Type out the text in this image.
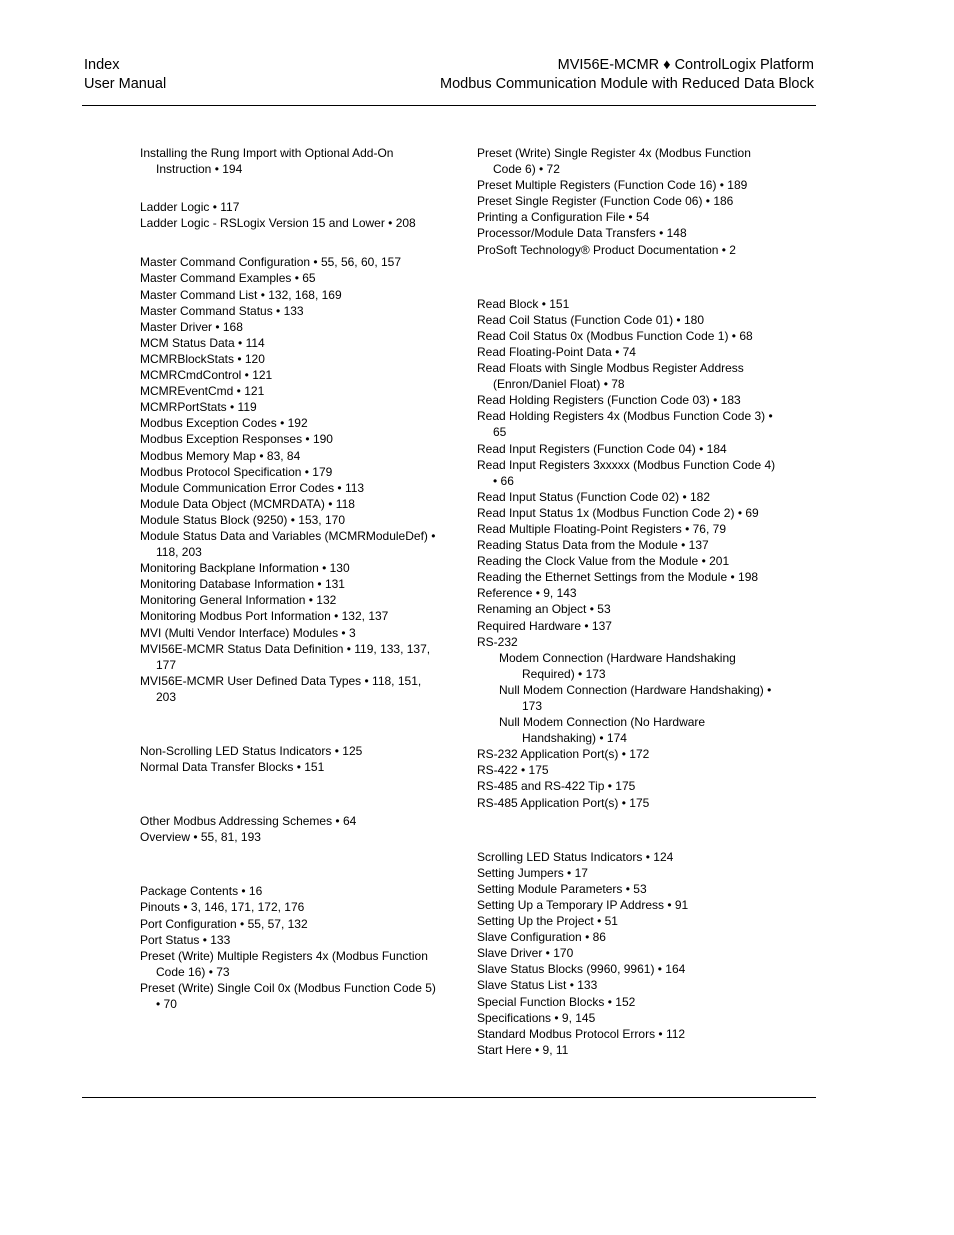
Index
User Manual
MVI56E-MCMR ♦ ControlLogix Platform
Modbus Communication Module with Reduced Data Block
Installing the Rung Import with Optional Add-On Instruction • 194
Ladder Logic • 117
Ladder Logic - RSLogix Version 15 and Lower • 208
Master Command Configuration • 55, 56, 60, 157
Master Command Examples • 65
Master Command List • 132, 168, 169
Master Command Status • 133
Master Driver • 168
MCM Status Data • 114
MCMRBlockStats • 120
MCMRCmdControl • 121
MCMREventCmd • 121
MCMRPortStats • 119
Modbus Exception Codes • 192
Modbus Exception Responses • 190
Modbus Memory Map • 83, 84
Modbus Protocol Specification • 179
Module Communication Error Codes • 113
Module Data Object (MCMRDATA) • 118
Module Status Block (9250) • 153, 170
Module Status Data and Variables (MCMRModuleDef) • 118, 203
Monitoring Backplane Information • 130
Monitoring Database Information • 131
Monitoring General Information • 132
Monitoring Modbus Port Information • 132, 137
MVI (Multi Vendor Interface) Modules • 3
MVI56E-MCMR Status Data Definition • 119, 133, 137, 177
MVI56E-MCMR User Defined Data Types • 118, 151, 203
Non-Scrolling LED Status Indicators • 125
Normal Data Transfer Blocks • 151
Other Modbus Addressing Schemes • 64
Overview • 55, 81, 193
Package Contents • 16
Pinouts • 3, 146, 171, 172, 176
Port Configuration • 55, 57, 132
Port Status • 133
Preset (Write) Multiple Registers 4x (Modbus Function Code 16) • 73
Preset (Write) Single Coil 0x (Modbus Function Code 5) • 70
Preset (Write) Single Register 4x (Modbus Function Code 6) • 72
Preset Multiple Registers (Function Code 16) • 189
Preset Single Register (Function Code 06) • 186
Printing a Configuration File • 54
Processor/Module Data Transfers • 148
ProSoft Technology® Product Documentation • 2
Read Block • 151
Read Coil Status (Function Code 01) • 180
Read Coil Status 0x (Modbus Function Code 1) • 68
Read Floating-Point Data • 74
Read Floats with Single Modbus Register Address (Enron/Daniel Float) • 78
Read Holding Registers (Function Code 03) • 183
Read Holding Registers 4x (Modbus Function Code 3) • 65
Read Input Registers (Function Code 04) • 184
Read Input Registers 3xxxxx (Modbus Function Code 4) • 66
Read Input Status (Function Code 02) • 182
Read Input Status 1x (Modbus Function Code 2) • 69
Read Multiple Floating-Point Registers • 76, 79
Reading Status Data from the Module • 137
Reading the Clock Value from the Module • 201
Reading the Ethernet Settings from the Module • 198
Reference • 9, 143
Renaming an Object • 53
Required Hardware • 137
RS-232
Modem Connection (Hardware Handshaking Required) • 173
Null Modem Connection (Hardware Handshaking) • 173
Null Modem Connection (No Hardware Handshaking) • 174
RS-232 Application Port(s) • 172
RS-422 • 175
RS-485 and RS-422 Tip • 175
RS-485 Application Port(s) • 175
Scrolling LED Status Indicators • 124
Setting Jumpers • 17
Setting Module Parameters • 53
Setting Up a Temporary IP Address • 91
Setting Up the Project • 51
Slave Configuration • 86
Slave Driver • 170
Slave Status Blocks (9960, 9961) • 164
Slave Status List • 133
Special Function Blocks • 152
Specifications • 9, 145
Standard Modbus Protocol Errors • 112
Start Here • 9, 11
